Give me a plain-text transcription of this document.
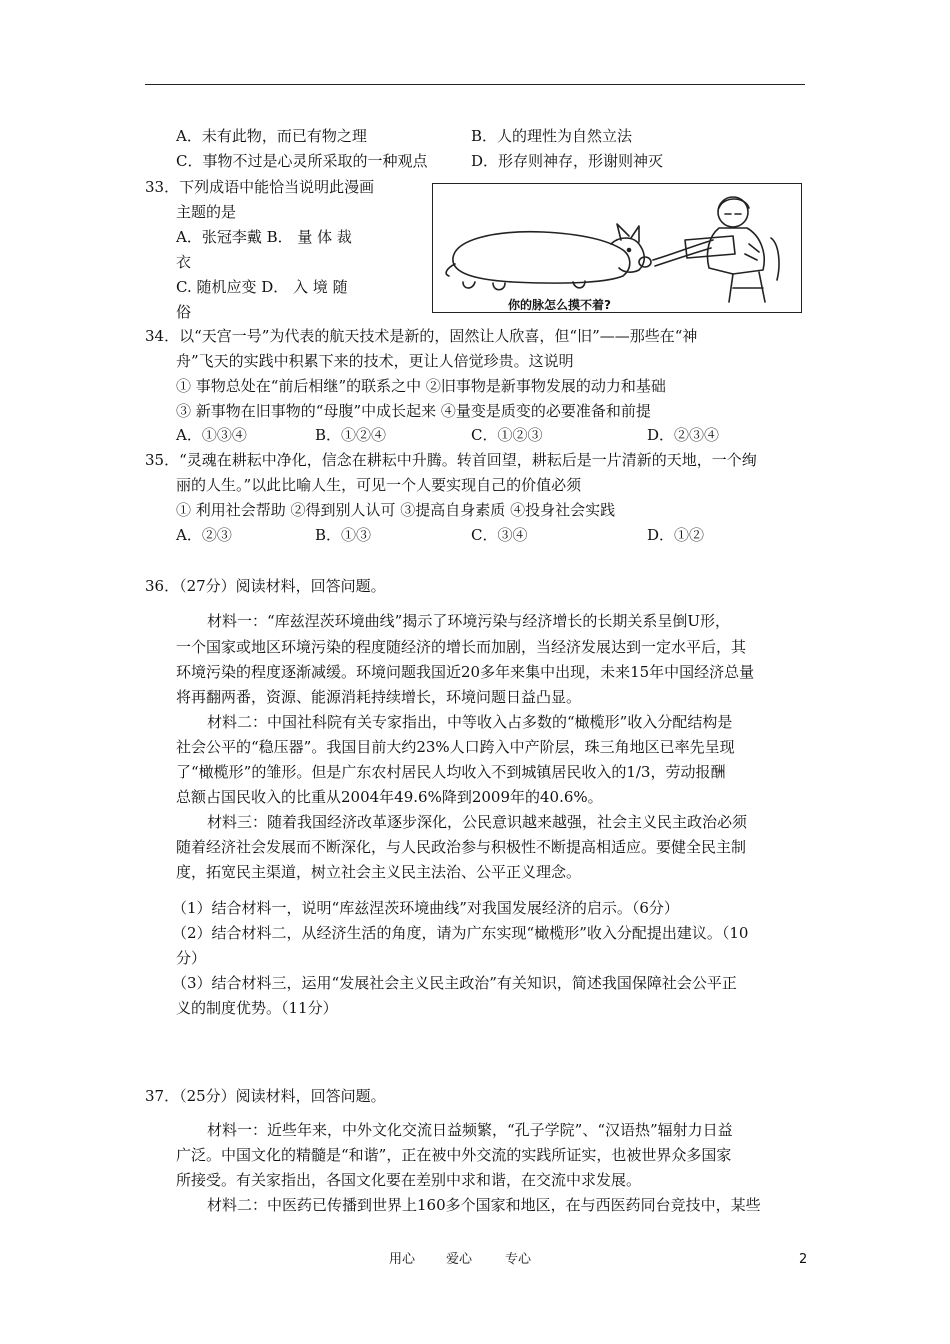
A．未有此物，而已有物之理	B．人的理性为自然立法
C．事物不过是心灵所采取的一种观点	D．形存则神存，形谢则神灭
33．下列成语中能恰当说明此漫画
主题的是
A．张冠李戴 B． 量 体 裁
衣
C. 随机应变 D． 入 境 随
俗	你的脉怎么摸不着?
34．以“天宫一号”为代表的航天技术是新的，固然让人欣喜，但“旧”——那些在“神
舟”飞天的实践中积累下来的技术，更让人倍觉珍贵。这说明
① 事物总处在“前后相继”的联系之中 ②旧事物是新事物发展的动力和基础
③ 新事物在旧事物的“母腹”中成长起来 ④量变是质变的必要准备和前提
A．①③④	B．①②④	C．①②③	D．②③④
35．“灵魂在耕耘中净化，信念在耕耘中升腾。转首回望，耕耘后是一片清新的天地，一个绚
丽的人生。”以此比喻人生，可见一个人要实现自己的价值必须
① 利用社会帮助 ②得到别人认可 ③提高自身素质 ④投身社会实践
A．②③	B．①③	C．③④	D．①②
36．（27分）阅读材料，回答问题。
材料一：“库兹涅茨环境曲线”揭示了环境污染与经济增长的长期关系呈倒U形，
一个国家或地区环境污染的程度随经济的增长而加剧，当经济发展达到一定水平后，其
环境污染的程度逐渐减缓。环境问题我国近20多年来集中出现，未来15年中国经济总量
将再翻两番，资源、能源消耗持续增长，环境问题日益凸显。
材料二：中国社科院有关专家指出，中等收入占多数的“橄榄形”收入分配结构是
社会公平的“稳压器”。我国目前大约23%人口跨入中产阶层，珠三角地区已率先呈现
了“橄榄形”的雏形。但是广东农村居民人均收入不到城镇居民收入的1/3，劳动报酬
总额占国民收入的比重从2004年49.6%降到2009年的40.6%。
材料三：随着我国经济改革逐步深化，公民意识越来越强，社会主义民主政治必须
随着经济社会发展而不断深化，与人民政治参与积极性不断提高相适应。要健全民主制
度，拓宽民主渠道，树立社会主义民主法治、公平正义理念。
（1）结合材料一，说明“库兹涅茨环境曲线”对我国发展经济的启示。（6分）
（2）结合材料二，从经济生活的角度，请为广东实现“橄榄形”收入分配提出建议。（10
分）
（3）结合材料三，运用“发展社会主义民主政治”有关知识，简述我国保障社会公平正
义的制度优势。（11分）
37．（25分）阅读材料，回答问题。
材料一：近些年来，中外文化交流日益频繁，“孔子学院”、“汉语热”辐射力日益
广泛。中国文化的精髓是“和谐”，正在被中外交流的实践所证实，也被世界众多国家
所接受。有关家指出，各国文化要在差别中求和谐，在交流中求发展。
材料二：中医药已传播到世界上160多个国家和地区，在与西医药同台竞技中，某些
用心 爱心	专心	2
